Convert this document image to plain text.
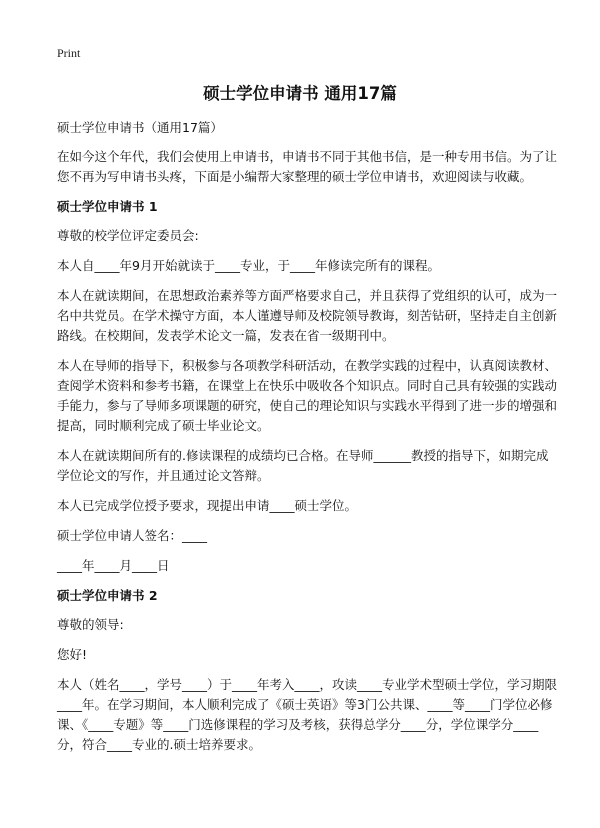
Print
硕士学位申请书 通用17篇

硕士学位申请书（通用17篇）

在如今这个年代，我们会使用上申请书，申请书不同于其他书信，是一种专用书信。为了让您不再为写申请书头疼，下面是小编帮大家整理的硕士学位申请书，欢迎阅读与收藏。

硕士学位申请书 1

尊敬的校学位评定委员会:

本人自____年9月开始就读于____专业，于____年修读完所有的课程。

本人在就读期间，在思想政治素养等方面严格要求自己，并且获得了党组织的认可，成为一名中共党员。在学术操守方面，本人谨遵导师及校院领导教诲，刻苦钻研，坚持走自主创新路线。在校期间，发表学术论文一篇，发表在省一级期刊中。

本人在导师的指导下，积极参与各项教学科研活动，在教学实践的过程中，认真阅读教材、查阅学术资料和参考书籍，在课堂上在快乐中吸收各个知识点。同时自己具有较强的实践动手能力，参与了导师多项课题的研究，使自己的理论知识与实践水平得到了进一步的增强和提高，同时顺利完成了硕士毕业论文。

本人在就读期间所有的.修读课程的成绩均已合格。在导师______教授的指导下，如期完成学位论文的写作，并且通过论文答辩。

本人已完成学位授予要求，现提出申请____硕士学位。

硕士学位申请人签名：____

____年____月____日

硕士学位申请书 2

尊敬的领导:

您好!

本人（姓名____，学号____）于____年考入____，攻读____专业学术型硕士学位，学习期限____年。在学习期间，本人顺利完成了《硕士英语》等3门公共课、____等____门学位必修课、《____专题》等____门选修课程的学习及考核，获得总学分____分，学位课学分____分，符合____专业的.硕士培养要求。
